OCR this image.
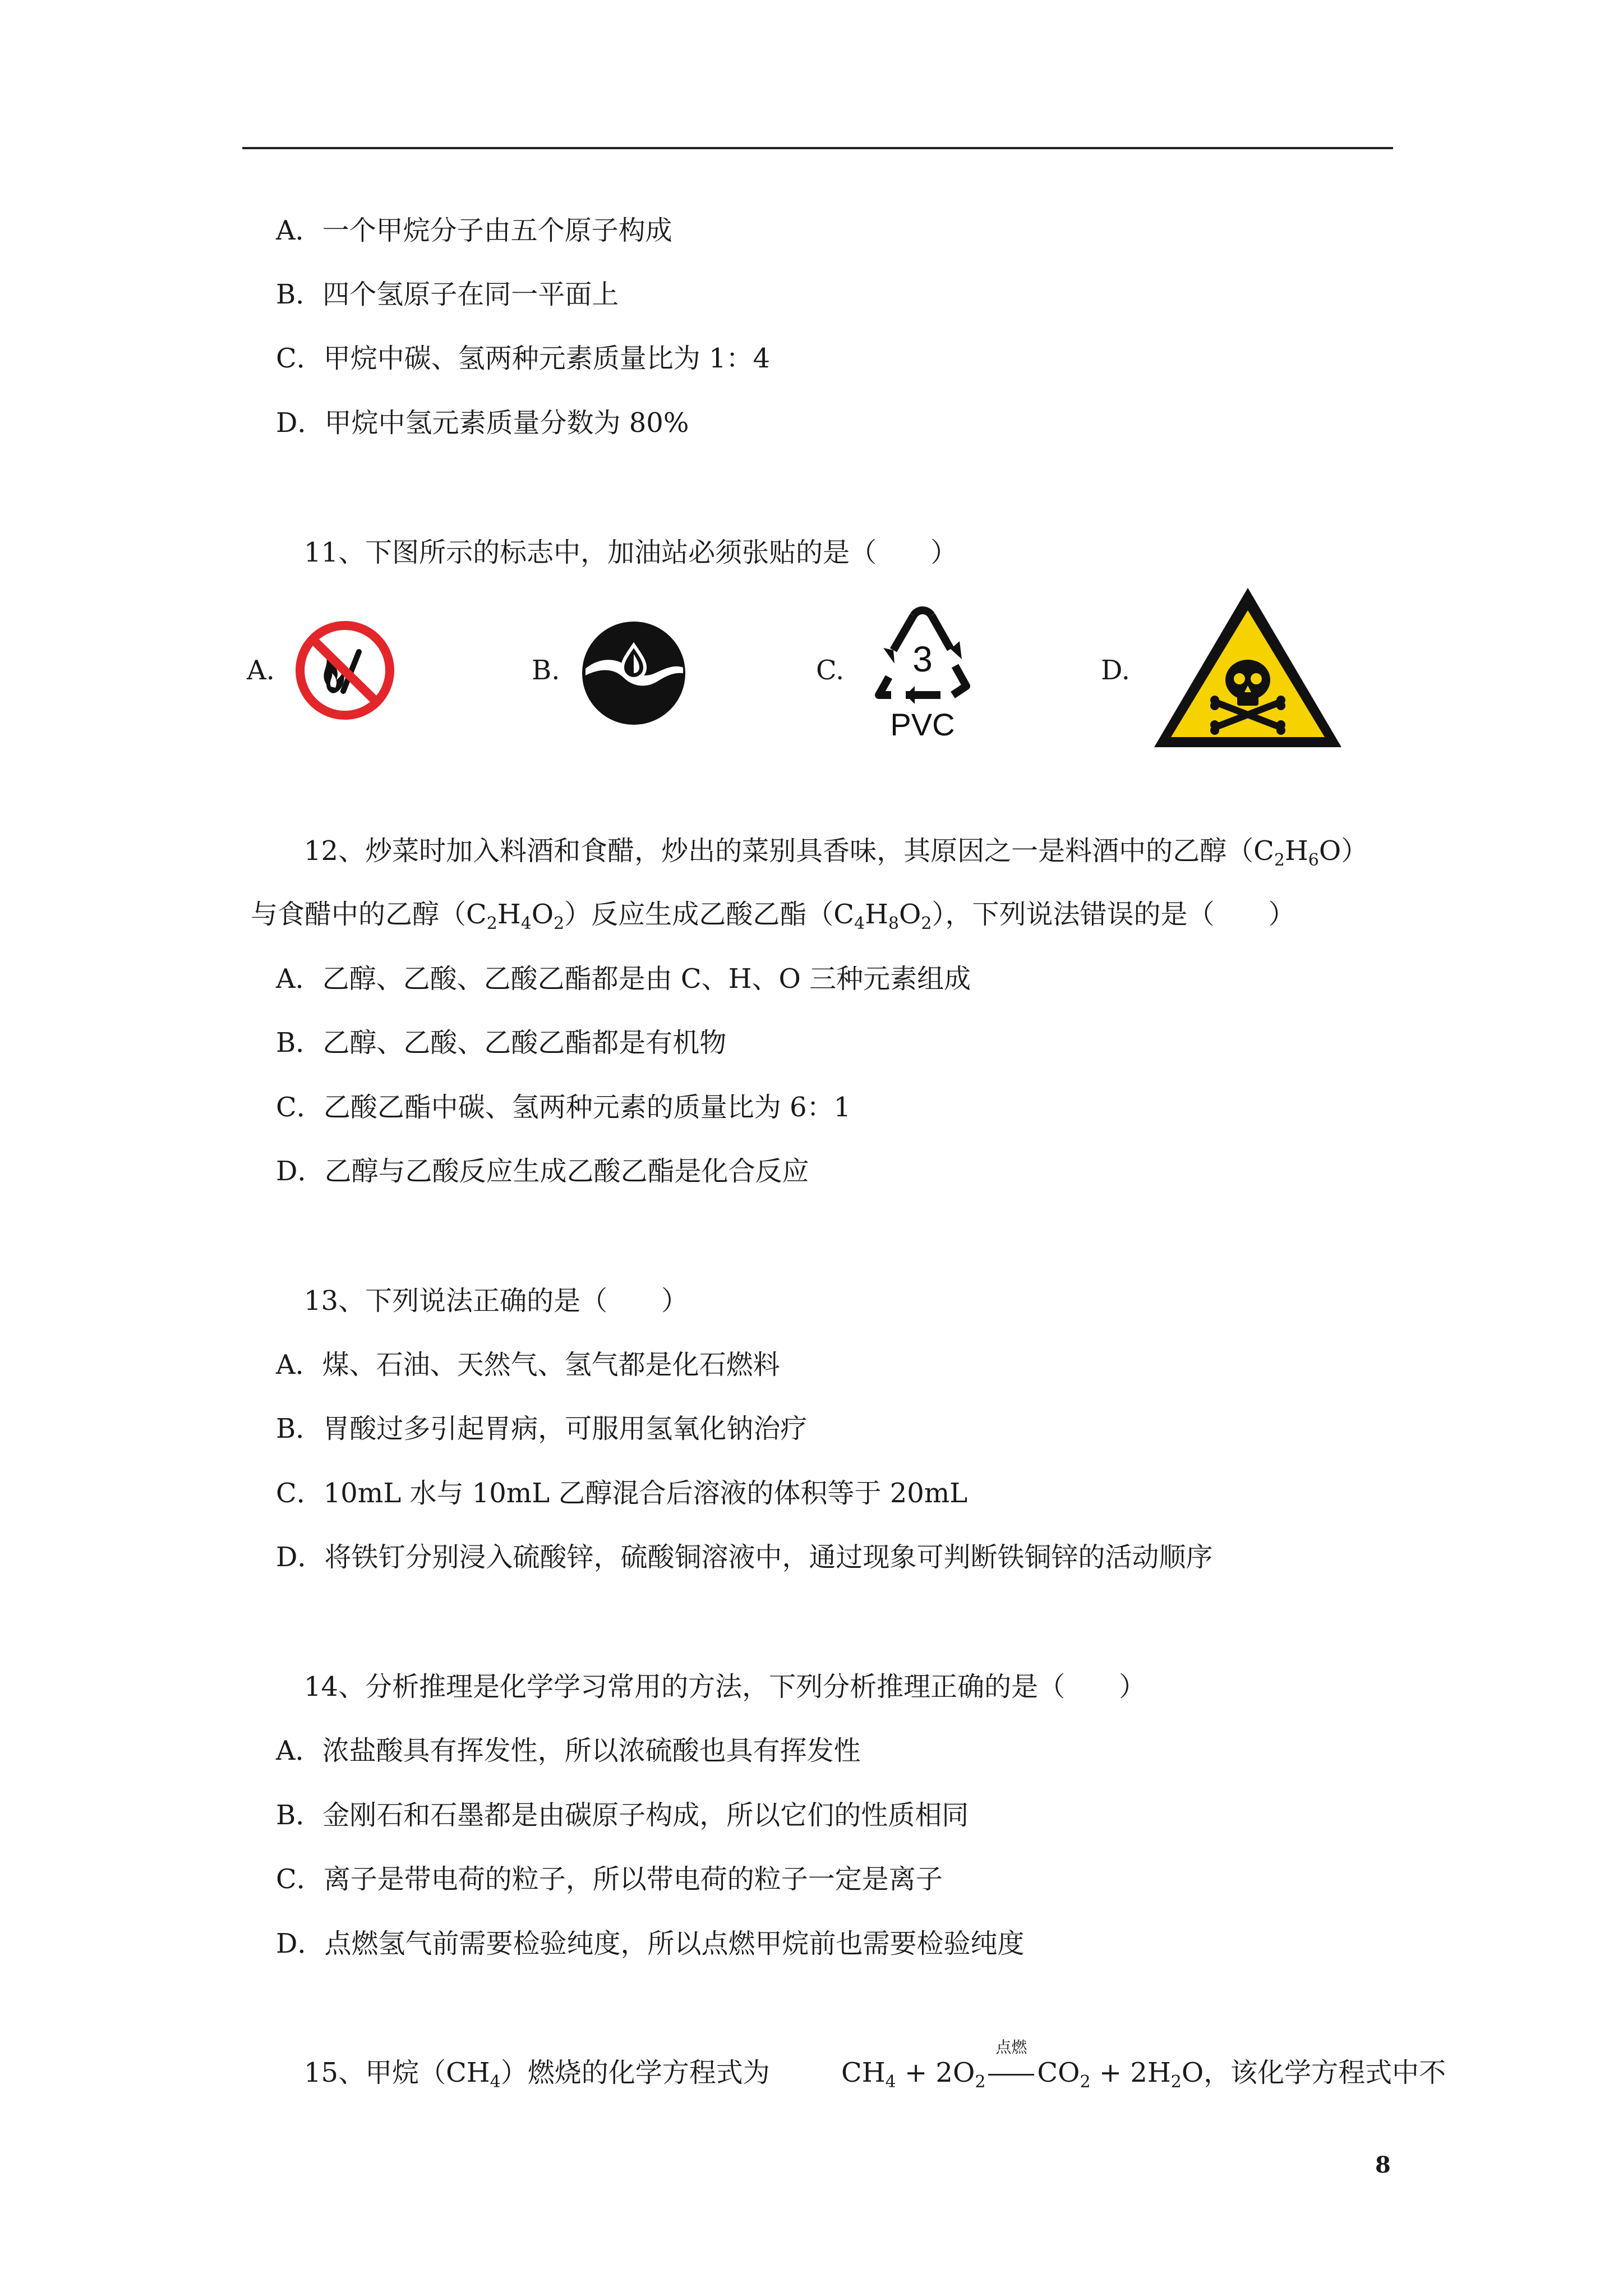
A．一个甲烷分子由五个原子构成
B．四个氢原子在同一平面上
C．甲烷中碳、氢两种元素质量比为 1：4
D．甲烷中氢元素质量分数为 80%
11、下图所示的标志中，加油站必须张贴的是（　　）
A.	B.	C. 3
PVC
D.
12、炒菜时加入料酒和食醋，炒出的菜别具香味，其原因之一是料酒中的乙醇$(C_2H_6O)$
与食醋中的乙醇$(C_2H_4O_2)$反应生成乙酸乙酯$(C_4H_8O_2)$，下列说法错误的是（　　）
A．乙醇、乙酸、乙酸乙酯都是由 C、H、O 三种元素组成
B．乙醇、乙酸、乙酸乙酯都是有机物
C．乙酸乙酯中碳、氢两种元素的质量比为 6：1
D．乙醇与乙酸反应生成乙酸乙酯是化合反应
13、下列说法正确的是（　　）
A．煤、石油、天然气、氢气都是化石燃料
B．胃酸过多引起胃病，可服用氢氧化钠治疗
C．10mL 水与 10mL 乙醇混合后溶液的体积等于 20mL
D．将铁钉分别浸入硫酸锌，硫酸铜溶液中，通过现象可判断铁铜锌的活动顺序
14、分析推理是化学学习常用的方法，下列分析推理正确的是（　　）
A．浓盐酸具有挥发性，所以浓硫酸也具有挥发性
B．金刚石和石墨都是由碳原子构成，所以它们的性质相同
C．离子是带电荷的粒子，所以带电荷的粒子一定是离子
D．点燃氢气前需要检验纯度，所以点燃甲烷前也需要检验纯度
15、甲烷$(CH_4)$燃烧的化学方程式为	$CH_4 + 2O_2$
点燃
$CO_2 + 2H_2O$，该化学方程式中不
8
